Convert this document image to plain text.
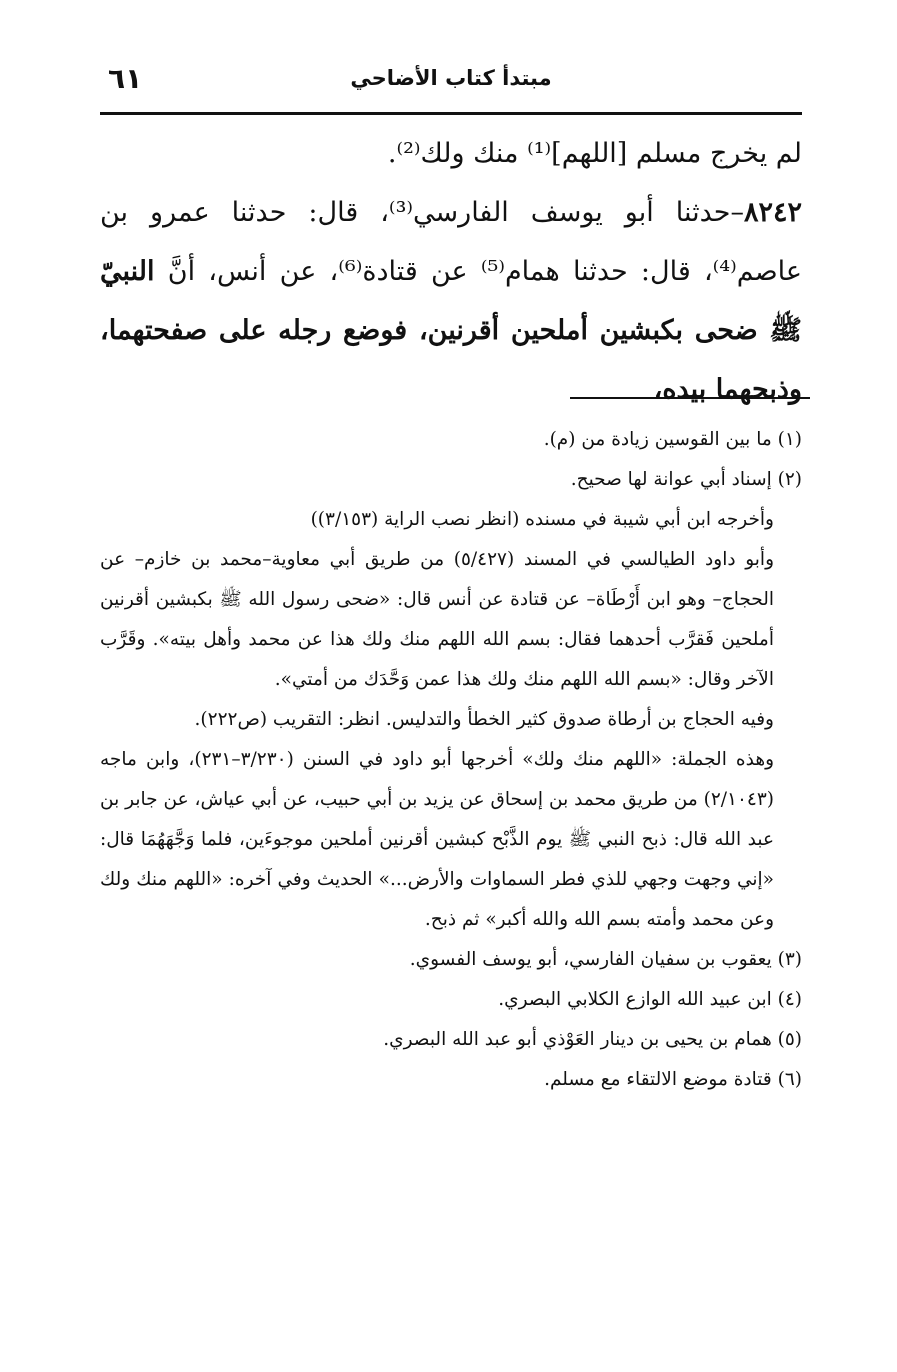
مبتدأ كتاب الأضاحي
٦١

لم يخرج مسلم [اللهم]⁽¹⁾ منك ولك⁽²⁾.

٨٢٤٢–حدثنا أبو يوسف الفارسي⁽³⁾، قال: حدثنا عمرو بن عاصم⁽⁴⁾، قال: حدثنا همام⁽⁵⁾ عن قتادة⁽⁶⁾، عن أنس، أنَّ النبيّ ﷺ ضحى بكبشين أملحين أقرنين، فوضع رجله على صفحتهما، وذبحهما بيده،

(١) ما بين القوسين زيادة من (م).

(٢) إسناد أبي عوانة لها صحيح.

وأخرجه ابن أبي شيبة في مسنده (انظر نصب الراية (٣/١٥٣))

وأبو داود الطيالسي في المسند (٥/٤٢٧) من طريق أبي معاوية–محمد بن خازم– عن الحجاج– وهو ابن أَرْطَاة– عن قتادة عن أنس قال: «ضحى رسول الله ﷺ بكبشين أقرنين أملحين فَقرَّب أحدهما فقال: بسم الله اللهم منك ولك هذا عن محمد وأهل بيته». وقَرَّب الآخر وقال: «بسم الله اللهم منك ولك هذا عمن وَحَّدَك من أمتي».

وفيه الحجاج بن أرطاة صدوق كثير الخطأ والتدليس. انظر: التقريب (ص٢٢٢).

وهذه الجملة: «اللهم منك ولك» أخرجها أبو داود في السنن (٣/٢٣٠–٢٣١)، وابن ماجه (٢/١٠٤٣) من طريق محمد بن إسحاق عن يزيد بن أبي حبيب، عن أبي عياش، عن جابر بن عبد الله قال: ذبح النبي ﷺ يوم الذَّبْح كبشين أقرنين أملحين موجوءَين، فلما وَجَّهَهُمَا قال: «إني وجهت وجهي للذي فطر السماوات والأرض...» الحديث وفي آخره: «اللهم منك ولك وعن محمد وأمته بسم الله والله أكبر» ثم ذبح.

(٣) يعقوب بن سفيان الفارسي، أبو يوسف الفسوي.

(٤) ابن عبيد الله الوازع الكلابي البصري.

(٥) همام بن يحيى بن دينار العَوْذي أبو عبد الله البصري.

(٦) قتادة موضع الالتقاء مع مسلم.
